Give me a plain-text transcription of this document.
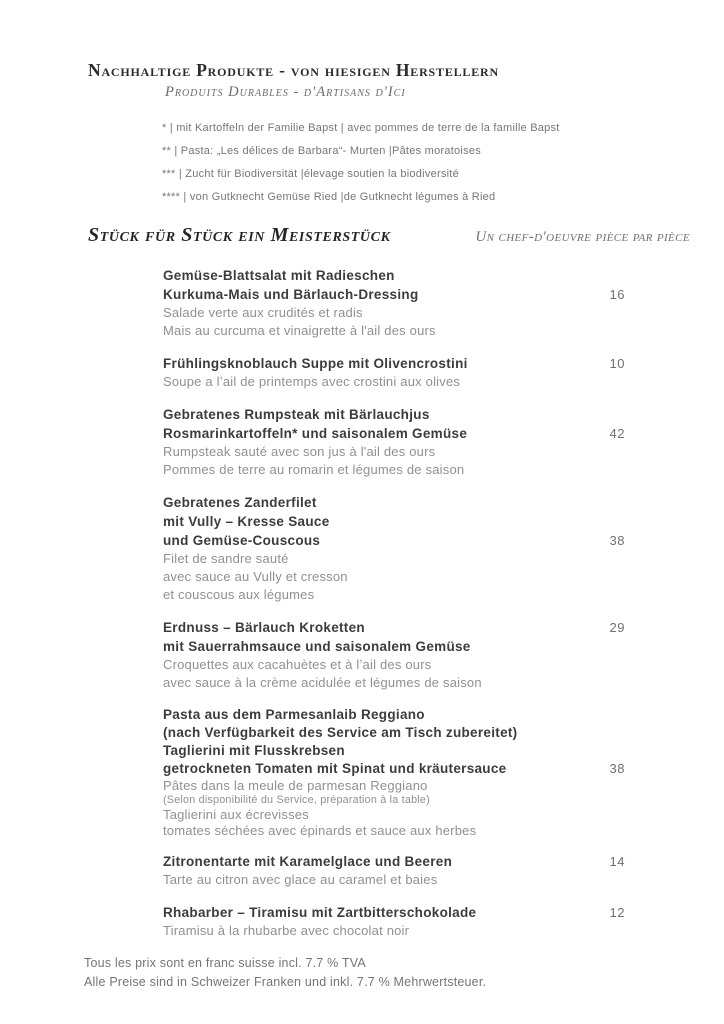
Nachhaltige Produkte - von hiesigen Herstellern
Produits Durables - d'Artisans d'Ici
* | mit Kartoffeln der Familie Bapst | avec pommes de terre de la famille Bapst
** | Pasta: „Les délices de Barbara“- Murten |Pâtes moratoises
*** | Zucht für Biodiversität |élevage soutien la biodiversité
**** | von Gutknecht Gemüse Ried |de Gutknecht légumes à Ried
Stück für Stück ein Meisterstück	Un chef-d'oeuvre pièce par pièce
Gemüse-Blattsalat mit Radieschen
Kurkuma-Mais und Bärlauch-Dressing	16
Salade verte aux crudités et radis
Mais au curcuma et vinaigrette à l'ail des ours
Frühlingsknoblauch Suppe mit Olivencrostini	10
Soupe a lʼail de printemps avec crostini aux olives
Gebratenes Rumpsteak mit Bärlauchjus
Rosmarinkartoffeln* und saisonalem Gemüse	42
Rumpsteak sauté avec son jus à l'ail des ours
Pommes de terre au romarin et légumes de saison
Gebratenes Zanderfilet
mit Vully – Kresse Sauce
und Gemüse-Couscous	38
Filet de sandre sauté
avec sauce au Vully et cresson
et couscous aux légumes
Erdnuss – Bärlauch Kroketten	29
mit Sauerrahmsauce und saisonalem Gemüse
Croquettes aux cacahuètes et à lʼail des ours
avec sauce à la crème acidulée et légumes de saison
Pasta aus dem Parmesanlaib Reggiano
(nach Verfügbarkeit des Service am Tisch zubereitet)
Taglierini mit Flusskrebsen
getrockneten Tomaten mit Spinat und kräutersauce	38
Pâtes dans la meule de parmesan Reggiano
(Selon disponibilité du Service, préparation à la table)
Taglierini aux écrevisses
tomates séchées avec épinards et sauce aux herbes
Zitronentarte mit Karamelglace und Beeren	14
Tarte au citron avec glace au caramel et baies
Rhabarber – Tiramisu mit Zartbitterschokolade	12
Tiramisu à la rhubarbe avec chocolat noir
Tous les prix sont en franc suisse incl. 7.7 % TVA
Alle Preise sind in Schweizer Franken und inkl. 7.7 % Mehrwertsteuer.
